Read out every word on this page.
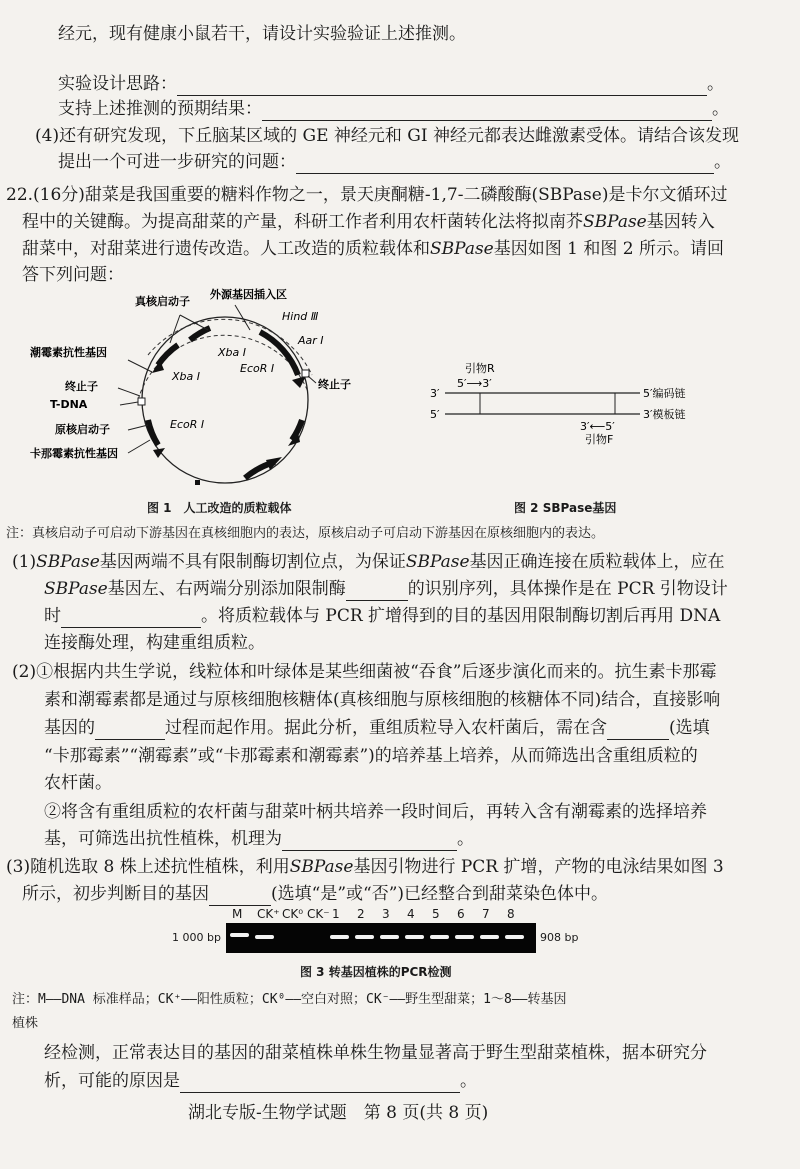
经元，现有健康小鼠若干，请设计实验验证上述推测。
实验设计思路：	。
支持上述推测的预期结果：	。
(4)还有研究发现，下丘脑某区域的 GE 神经元和 GI 神经元都表达雌激素受体。请结合该发现
提出一个可进一步研究的问题：	。
22.(16分)甜菜是我国重要的糖料作物之一，景天庚酮糖-1,7-二磷酸酶(SBPase)是卡尔文循环过
程中的关键酶。为提高甜菜的产量，科研工作者利用农杆菌转化法将拟南芥SBPase基因转入
甜菜中，对甜菜进行遗传改造。人工改造的质粒载体和SBPase基因如图 1 和图 2 所示。请回
答下列问题：
真核启动子
外源基因插入区
Hind Ⅲ
Aar Ⅰ
Xba Ⅰ
EcoR Ⅰ
潮霉素抗性基因
Xba Ⅰ
终止子
T-DNA
终止子
原核启动子	EcoR Ⅰ
卡那霉素抗性基因
图 1　人工改造的质粒载体
引物R
5′⟶3′
3′	5′编码链
5′	3′模板链
3′⟵5′
引物F
图 2 SBPase基因
注：真核启动子可启动下游基因在真核细胞内的表达，原核启动子可启动下游基因在原核细胞内的表达。
(1)SBPase基因两端不具有限制酶切割位点，为保证SBPase基因正确连接在质粒载体上，应在
SBPase基因左、右两端分别添加限制酶	的识别序列，具体操作是在 PCR 引物设计
时	。将质粒载体与 PCR 扩增得到的目的基因用限制酶切割后再用 DNA
连接酶处理，构建重组质粒。
(2)①根据内共生学说，线粒体和叶绿体是某些细菌被“吞食”后逐步演化而来的。抗生素卡那霉
素和潮霉素都是通过与原核细胞核糖体(真核细胞与原核细胞的核糖体不同)结合，直接影响
基因的	过程而起作用。据此分析，重组质粒导入农杆菌后，需在含	(选填
“卡那霉素”“潮霉素”或“卡那霉素和潮霉素”)的培养基上培养，从而筛选出含重组质粒的
农杆菌。
②将含有重组质粒的农杆菌与甜菜叶柄共培养一段时间后，再转入含有潮霉素的选择培养
基，可筛选出抗性植株，机理为	。
(3)随机选取 8 株上述抗性植株，利用SBPase基因引物进行 PCR 扩增，产物的电泳结果如图 3
所示，初步判断目的基因	(选填“是”或“否”)已经整合到甜菜染色体中。
M CK⁺ CK⁰ CK⁻ 1 2 3 4 5 6 7 8
1 000 bp	908 bp
图 3 转基因植株的PCR检测
注：M——DNA 标准样品；CK⁺——阳性质粒；CK⁰——空白对照；CK⁻——野生型甜菜；1～8——转基因
植株
经检测，正常表达目的基因的甜菜植株单株生物量显著高于野生型甜菜植株，据本研究分
析，可能的原因是	。
湖北专版-生物学试题　第 8 页(共 8 页)
